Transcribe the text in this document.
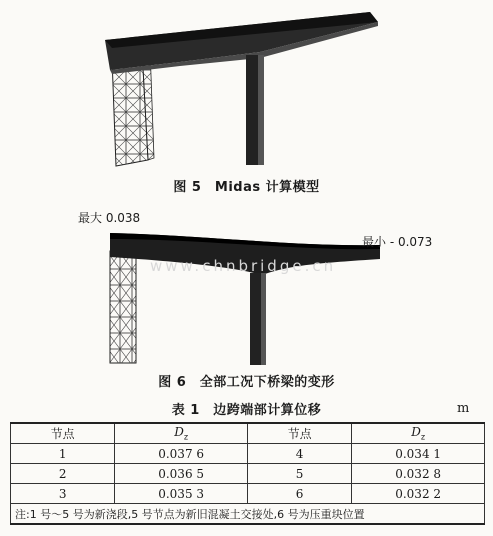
图 5　Midas 计算模型
www.chnbridge.cn
最大 0.038
最小 - 0.073
图 6　全部工况下桥梁的变形
表 1　边跨端部计算位移	m
节点	$D_z$	节点	$D_z$
1	0.037 6	4	0.034 1
2	0.036 5	5	0.032 8
3	0.035 3	6	0.032 2
注:1 号～5 号为新浇段,5 号节点为新旧混凝土交接处,6 号为压重块位置			
